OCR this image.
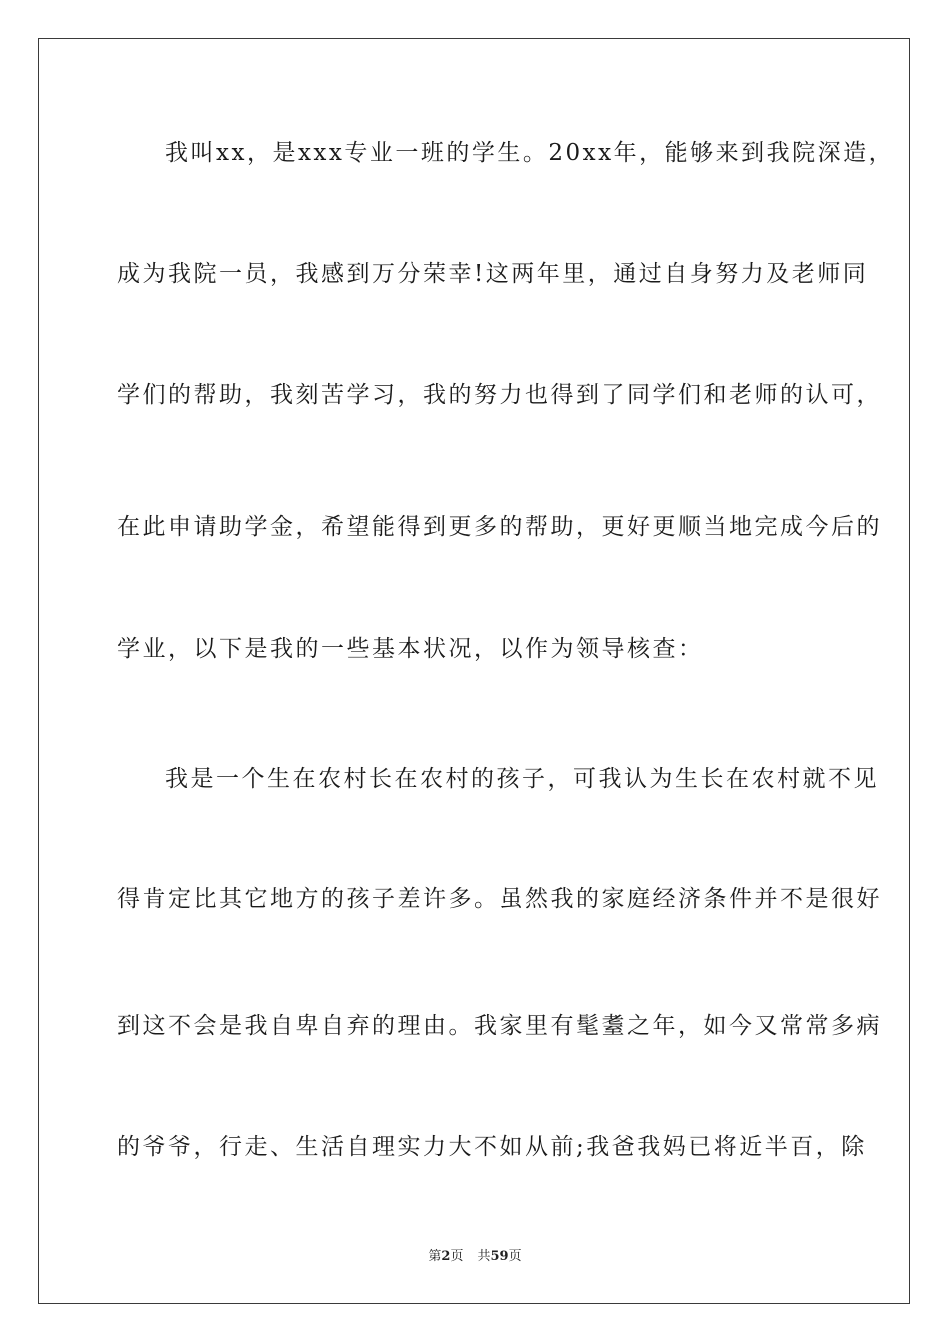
我叫xx，是xxx专业一班的学生。20xx年，能够来到我院深造，
成为我院一员，我感到万分荣幸!这两年里，通过自身努力及老师同
学们的帮助，我刻苦学习，我的努力也得到了同学们和老师的认可，
在此申请助学金，希望能得到更多的帮助，更好更顺当地完成今后的
学业，以下是我的一些基本状况，以作为领导核查：
我是一个生在农村长在农村的孩子，可我认为生长在农村就不见
得肯定比其它地方的孩子差许多。虽然我的家庭经济条件并不是很好
到这不会是我自卑自弃的理由。我家里有髦耋之年，如今又常常多病
的爷爷，行走、生活自理实力大不如从前;我爸我妈已将近半百，除
第2页 共59页
